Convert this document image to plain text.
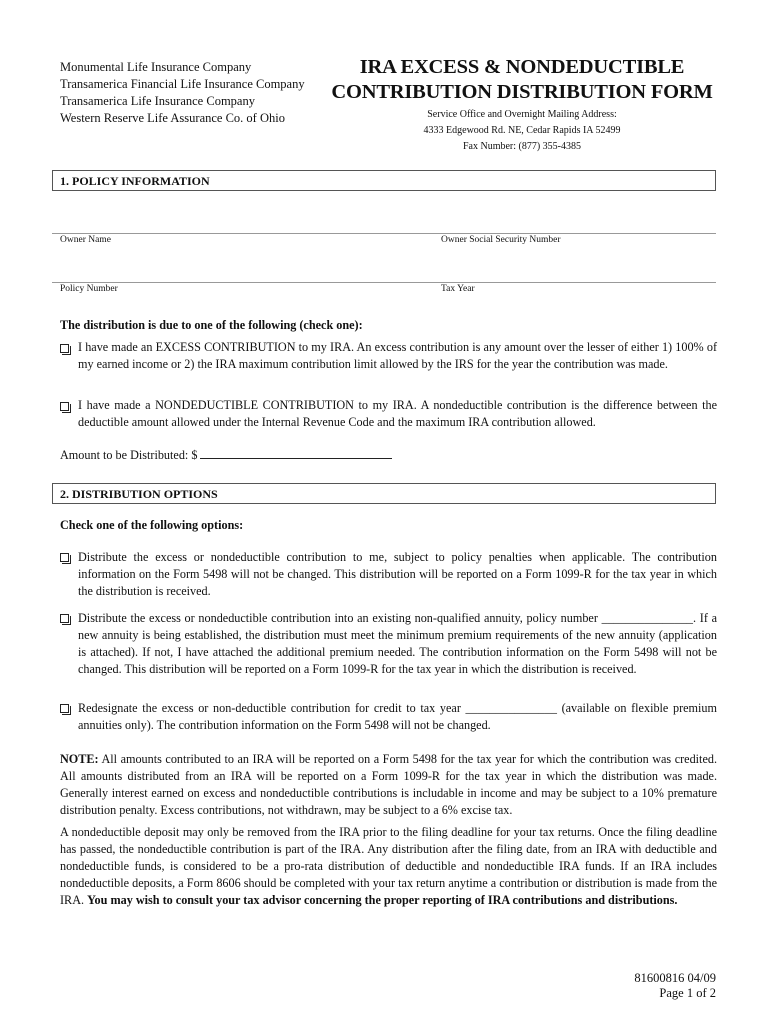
Monumental Life Insurance Company
Transamerica Financial Life Insurance Company
Transamerica Life Insurance Company
Western Reserve Life Assurance Co. of Ohio
IRA EXCESS & NONDEDUCTIBLE
CONTRIBUTION DISTRIBUTION FORM
Service Office and Overnight Mailing Address:
4333 Edgewood Rd. NE, Cedar Rapids IA 52499
Fax Number: (877) 355-4385
1. POLICY INFORMATION
Owner Name	Owner Social Security Number
Policy Number	Tax Year
The distribution is due to one of the following (check one):
I have made an EXCESS CONTRIBUTION to my IRA. An excess contribution is any amount over the lesser of either 1) 100% of my earned income or 2) the IRA maximum contribution limit allowed by the IRS for the year the contribution was made.
I have made a NONDEDUCTIBLE CONTRIBUTION to my IRA. A nondeductible contribution is the difference between the deductible amount allowed under the Internal Revenue Code and the maximum IRA contribution allowed.
Amount to be Distributed: $
2. DISTRIBUTION OPTIONS
Check one of the following options:
Distribute the excess or nondeductible contribution to me, subject to policy penalties when applicable. The contribution information on the Form 5498 will not be changed. This distribution will be reported on a Form 1099-R for the tax year in which the distribution is received.
Distribute the excess or nondeductible contribution into an existing non-qualified annuity, policy number _______________. If a new annuity is being established, the distribution must meet the minimum premium requirements of the new annuity (application is attached). If not, I have attached the additional premium needed. The contribution information on the Form 5498 will not be changed. This distribution will be reported on a Form 1099-R for the tax year in which the distribution is received.
Redesignate the excess or non-deductible contribution for credit to tax year _______________ (available on flexible premium annuities only). The contribution information on the Form 5498 will not be changed.
NOTE: All amounts contributed to an IRA will be reported on a Form 5498 for the tax year for which the contribution was credited. All amounts distributed from an IRA will be reported on a Form 1099-R for the tax year in which the distribution was made. Generally interest earned on excess and nondeductible contributions is includable in income and may be subject to a 10% premature distribution penalty. Excess contributions, not withdrawn, may be subject to a 6% excise tax.
A nondeductible deposit may only be removed from the IRA prior to the filing deadline for your tax returns. Once the filing deadline has passed, the nondeductible contribution is part of the IRA. Any distribution after the filing date, from an IRA with deductible and nondeductible funds, is considered to be a pro-rata distribution of deductible and nondeductible IRA funds. If an IRA includes nondeductible deposits, a Form 8606 should be completed with your tax return anytime a contribution or distribution is made from the IRA. You may wish to consult your tax advisor concerning the proper reporting of IRA contributions and distributions.
81600816 04/09
Page 1 of 2
